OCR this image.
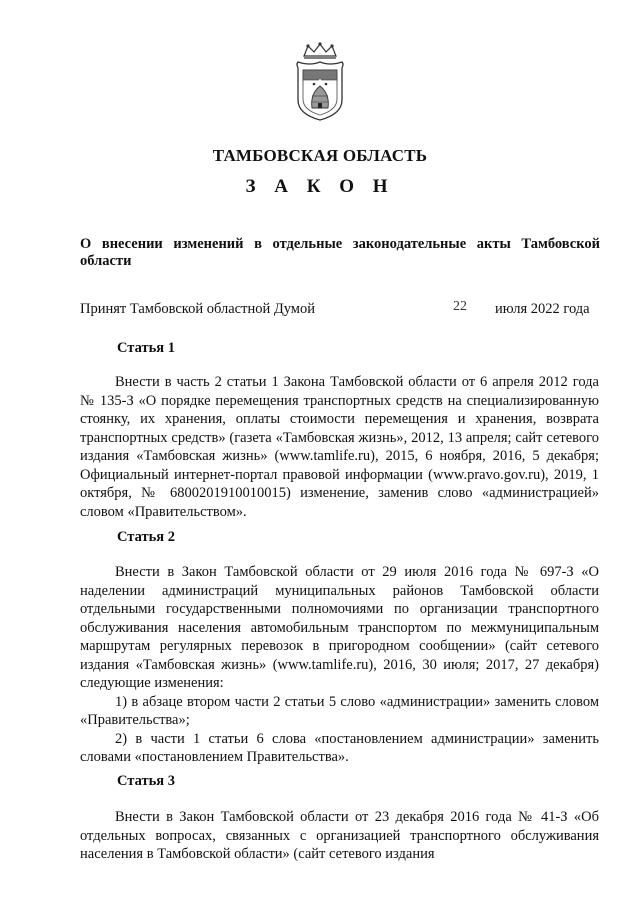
ТАМБОВСКАЯ ОБЛАСТЬ
З А К О Н
О внесении изменений в отдельные законодательные акты Тамбовской области
Принят Тамбовской областной Думой	22 июля 2022 года
Статья 1

Внести в часть 2 статьи 1 Закона Тамбовской области от 6 апреля 2012 года № 135-З «О порядке перемещения транспортных средств на специализированную стоянку, их хранения, оплаты стоимости перемещения и хранения, возврата транспортных средств» (газета «Тамбовская жизнь», 2012, 13 апреля; сайт сетевого издания «Тамбовская жизнь» (www.tamlife.ru), 2015, 6 ноября, 2016, 5 декабря; Официальный интернет-портал правовой информации (www.pravo.gov.ru), 2019, 1 октября, № 6800201910010015) изменение, заменив слово «администрацией» словом «Правительством».

Статья 2

Внести в Закон Тамбовской области от 29 июля 2016 года № 697-З «О наделении администраций муниципальных районов Тамбовской области отдельными государственными полномочиями по организации транспортного обслуживания населения автомобильным транспортом по межмуниципальным маршрутам регулярных перевозок в пригородном сообщении» (сайт сетевого издания «Тамбовская жизнь» (www.tamlife.ru), 2016, 30 июля; 2017, 27 декабря) следующие изменения:

1) в абзаце втором части 2 статьи 5 слово «администрации» заменить словом «Правительства»;

2) в части 1 статьи 6 слова «постановлением администрации» заменить словами «постановлением Правительства».

Статья 3

Внести в Закон Тамбовской области от 23 декабря 2016 года № 41-З «Об отдельных вопросах, связанных с организацией транспортного обслуживания населения в Тамбовской области» (сайт сетевого издания
